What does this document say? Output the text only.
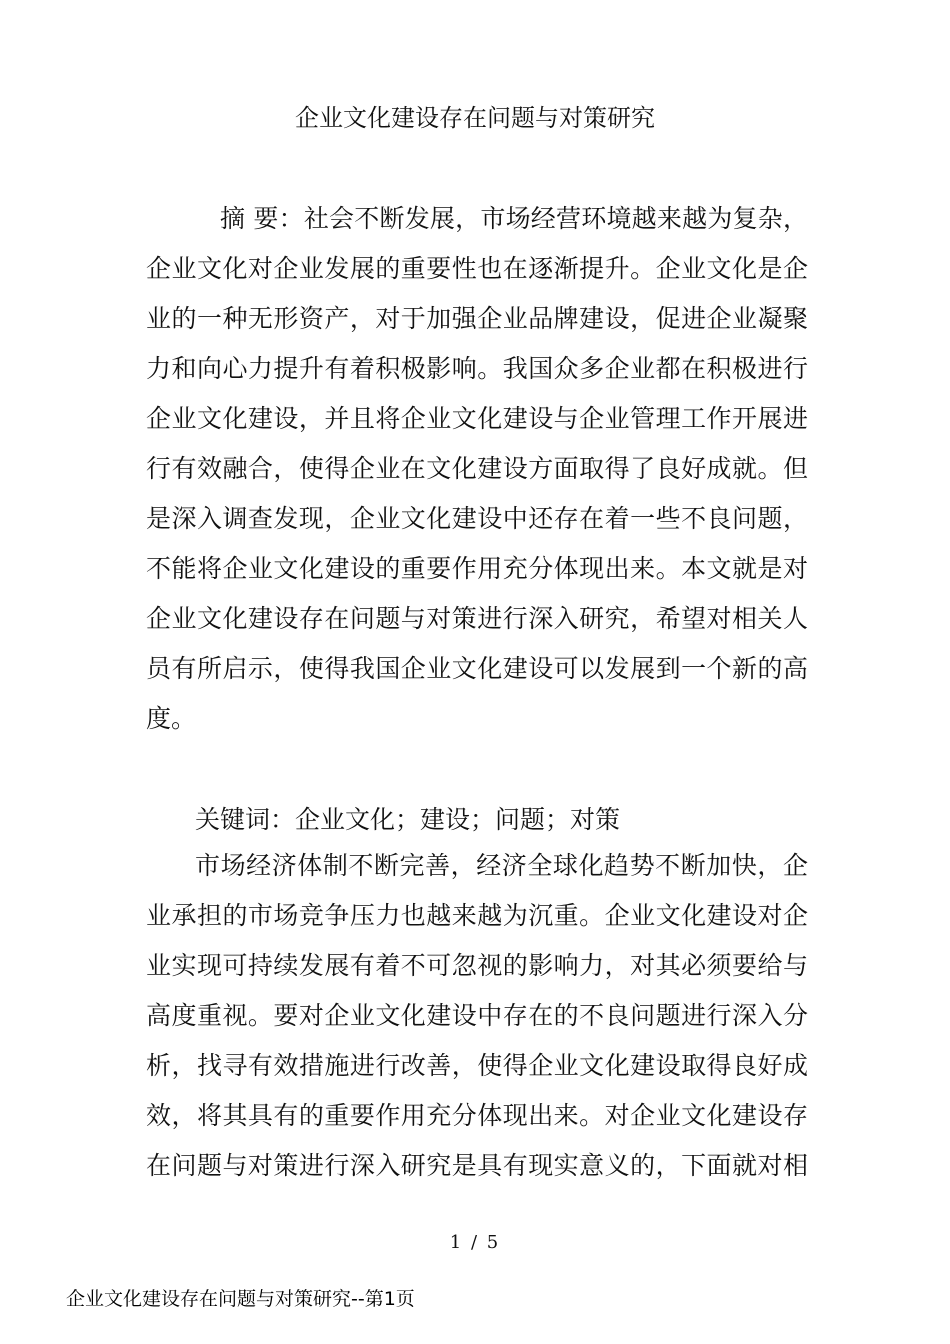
企业文化建设存在问题与对策研究
摘 要：社会不断发展，市场经营环境越来越为复杂，
企业文化对企业发展的重要性也在逐渐提升。企业文化是企
业的一种无形资产，对于加强企业品牌建设，促进企业凝聚
力和向心力提升有着积极影响。我国众多企业都在积极进行
企业文化建设，并且将企业文化建设与企业管理工作开展进
行有效融合，使得企业在文化建设方面取得了良好成就。但
是深入调查发现，企业文化建设中还存在着一些不良问题，
不能将企业文化建设的重要作用充分体现出来。本文就是对
企业文化建设存在问题与对策进行深入研究，希望对相关人
员有所启示，使得我国企业文化建设可以发展到一个新的高
度。
关键词：企业文化；建设；问题；对策
市场经济体制不断完善，经济全球化趋势不断加快，企
业承担的市场竞争压力也越来越为沉重。企业文化建设对企
业实现可持续发展有着不可忽视的影响力，对其必须要给与
高度重视。要对企业文化建设中存在的不良问题进行深入分
析，找寻有效措施进行改善，使得企业文化建设取得良好成
效，将其具有的重要作用充分体现出来。对企业文化建设存
在问题与对策进行深入研究是具有现实意义的，下面就对相
1 / 5
企业文化建设存在问题与对策研究--第1页
